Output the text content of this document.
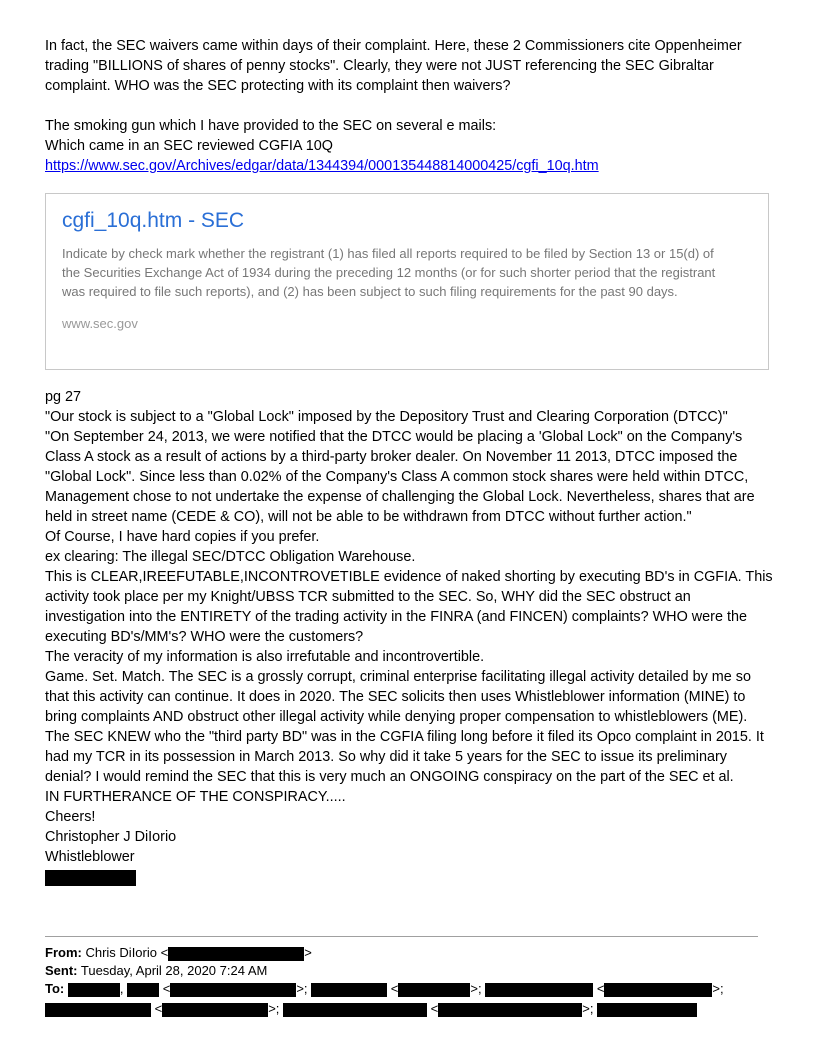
In fact, the SEC waivers came within days of their complaint. Here, these 2 Commissioners cite Oppenheimer

trading "BILLIONS of shares of penny stocks". Clearly, they were not JUST referencing the SEC Gibraltar

complaint. WHO was the SEC protecting with its complaint then waivers?

The smoking gun which I have provided to the SEC on several e mails:

Which came in an SEC reviewed CGFIA 10Q

https://www.sec.gov/Archives/edgar/data/1344394/000135448814000425/cgfi_10q.htm

cgfi_10q.htm - SEC

Indicate by check mark whether the registrant (1) has filed all reports required to be filed by Section 13 or 15(d) of the Securities Exchange Act of 1934 during the preceding 12 months (or for such shorter period that the registrant was required to file such reports), and (2) has been subject to such filing requirements for the past 90 days.

www.sec.gov

pg 27

"Our stock is subject to a "Global Lock" imposed by the Depository Trust and Clearing Corporation (DTCC)"

"On September 24, 2013, we were notified that the DTCC would be placing a 'Global Lock" on the Company's

Class A stock as a result of actions by a third-party broker dealer. On November 11 2013, DTCC imposed the

"Global Lock". Since less than 0.02% of the Company's Class A common stock shares were held within DTCC,

Management chose to not undertake the expense of challenging the Global Lock. Nevertheless, shares that are

held in street name (CEDE & CO), will not be able to be withdrawn from DTCC without further action."

Of Course, I have hard copies if you prefer.

ex clearing: The illegal SEC/DTCC Obligation Warehouse.

This is CLEAR,IREEFUTABLE,INCONTROVETIBLE evidence of naked shorting by executing BD's in CGFIA. This

activity took place per my Knight/UBSS TCR submitted to the SEC. So, WHY did the SEC obstruct an

investigation into the ENTIRETY of the trading activity in the FINRA (and FINCEN) complaints? WHO were the

executing BD's/MM's? WHO were the customers?

The veracity of my information is also irrefutable and incontrovertible.

Game. Set. Match. The SEC is a grossly corrupt, criminal enterprise facilitating illegal activity detailed by me so

that this activity can continue. It does in 2020. The SEC solicits then uses Whistleblower information (MINE) to

bring complaints AND obstruct other illegal activity while denying proper compensation to whistleblowers (ME).

The SEC KNEW who the "third party BD" was in the CGFIA filing long before it filed its Opco complaint in 2015. It

had my TCR in its possession in March 2013. So why did it take 5 years for the SEC to issue its preliminary

denial? I would remind the SEC that this is very much an ONGOING conspiracy on the part of the SEC et al.

IN FURTHERANCE OF THE CONSPIRACY.....

Cheers!

Christopher J DiIorio

Whistleblower

From: Chris DiIorio <	>
Sent: Tuesday, April 28, 2020 7:24 AM
To:	,  <	>;	<	>;	<	>;
<	>;	<	>;
